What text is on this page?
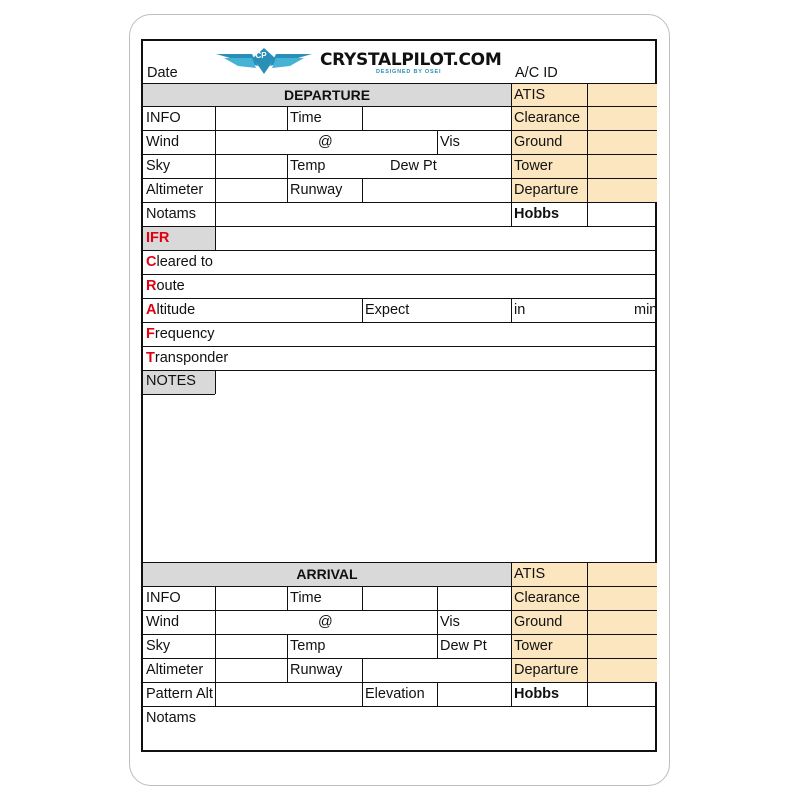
CP	CRYSTALPILOT.COM
DESIGNED BY OSEI
Date	A/C ID
DEPARTURE	ATIS
INFO	Time	Clearance
Wind	@	Vis	Ground
Sky	Temp	Dew Pt	Tower
Altimeter	Runway	Departure
Notams	Hobbs
IFR
Cleared to
Route
Altitude	Expect	in	min
Frequency
Transponder
NOTES
ARRIVAL	ATIS
INFO	Time	Clearance
Wind	@	Vis	Ground
Sky	Temp	Dew Pt	Tower
Altimeter	Runway	Departure
Pattern Alt	Elevation	Hobbs
Notams
